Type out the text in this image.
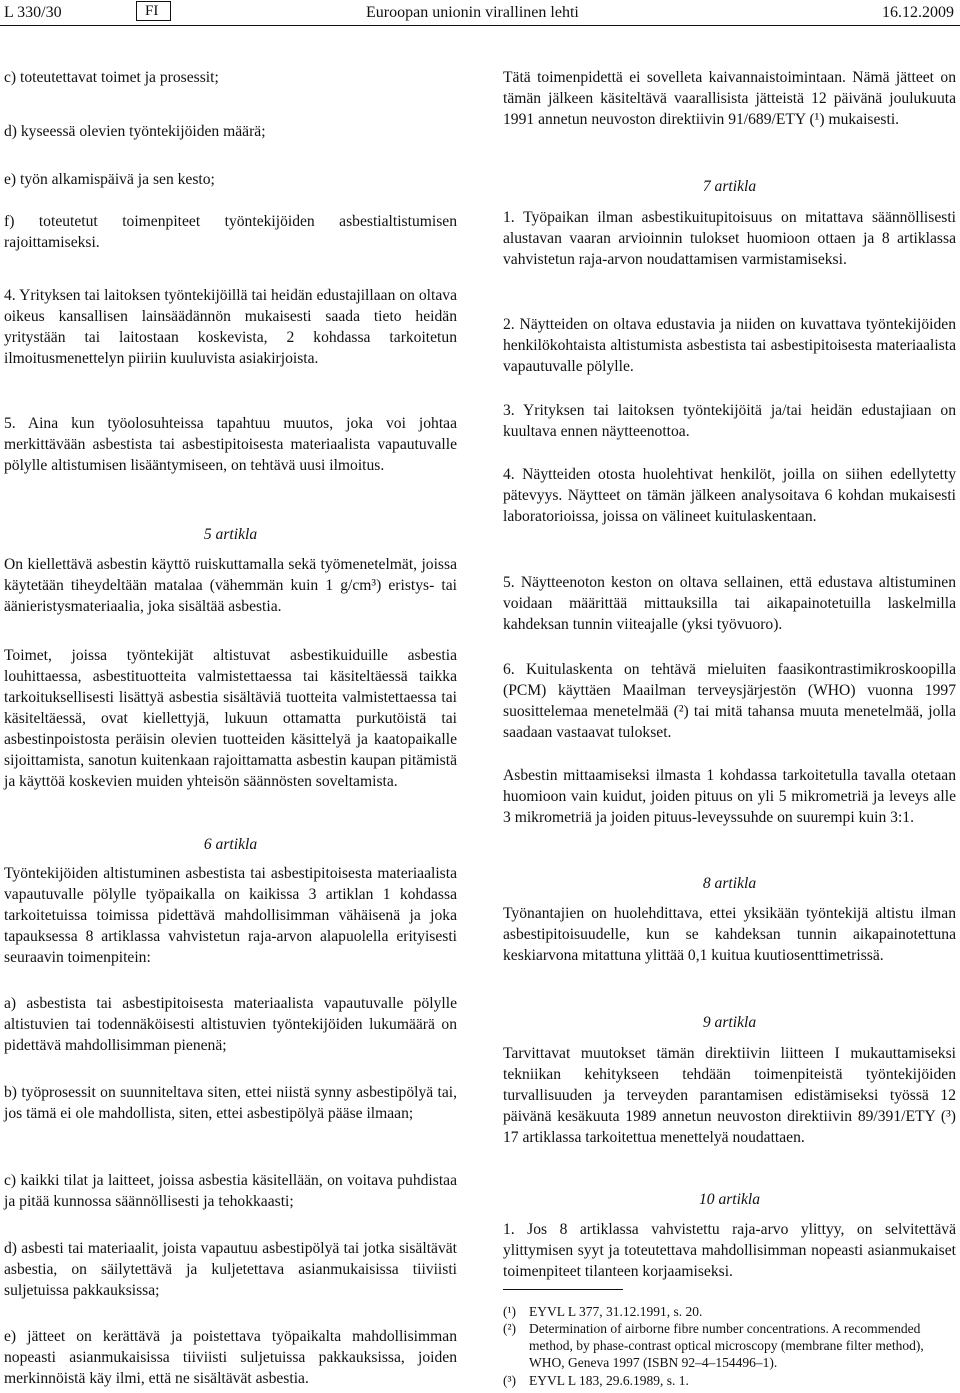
L 330/30	FI	Euroopan unionin virallinen lehti	16.12.2009

c) toteutettavat toimet ja prosessit;

d) kyseessä olevien työntekijöiden määrä;

e) työn alkamispäivä ja sen kesto;

f) toteutetut toimenpiteet työntekijöiden asbestialtistumisen rajoittamiseksi.

4. Yrityksen tai laitoksen työntekijöillä tai heidän edustajillaan on oltava oikeus kansallisen lainsäädännön mukaisesti saada tieto heidän yritystään tai laitostaan koskevista, 2 kohdassa tarkoitetun ilmoitusmenettelyn piiriin kuuluvista asiakirjoista.

5. Aina kun työolosuhteissa tapahtuu muutos, joka voi johtaa merkittävään asbestista tai asbestipitoisesta materiaalista vapautuvalle pölylle altistumisen lisääntymiseen, on tehtävä uusi ilmoitus.

5 artikla

On kiellettävä asbestin käyttö ruiskuttamalla sekä työmenetelmät, joissa käytetään tiheydeltään matalaa (vähemmän kuin 1 g/cm³) eristys- tai äänieristysmateriaalia, joka sisältää asbestia.

Toimet, joissa työntekijät altistuvat asbestikuiduille asbestia louhittaessa, asbestituotteita valmistettaessa tai käsiteltäessä taikka tarkoituksellisesti lisättyä asbestia sisältäviä tuotteita valmistettaessa tai käsiteltäessä, ovat kiellettyjä, lukuun ottamatta purkutöistä tai asbestinpoistosta peräisin olevien tuotteiden käsittelyä ja kaatopaikalle sijoittamista, sanotun kuitenkaan rajoittamatta asbestin kaupan pitämistä ja käyttöä koskevien muiden yhteisön säännösten soveltamista.

6 artikla

Työntekijöiden altistuminen asbestista tai asbestipitoisesta materiaalista vapautuvalle pölylle työpaikalla on kaikissa 3 artiklan 1 kohdassa tarkoitetuissa toimissa pidettävä mahdollisimman vähäisenä ja joka tapauksessa 8 artiklassa vahvistetun raja-arvon alapuolella erityisesti seuraavin toimenpitein:

a) asbestista tai asbestipitoisesta materiaalista vapautuvalle pölylle altistuvien tai todennäköisesti altistuvien työntekijöiden lukumäärä on pidettävä mahdollisimman pienenä;

b) työprosessit on suunniteltava siten, ettei niistä synny asbestipölyä tai, jos tämä ei ole mahdollista, siten, ettei asbestipölyä pääse ilmaan;

c) kaikki tilat ja laitteet, joissa asbestia käsitellään, on voitava puhdistaa ja pitää kunnossa säännöllisesti ja tehokkaasti;

d) asbesti tai materiaalit, joista vapautuu asbestipölyä tai jotka sisältävät asbestia, on säilytettävä ja kuljetettava asianmukaisissa tiiviisti suljetuissa pakkauksissa;

e) jätteet on kerättävä ja poistettava työpaikalta mahdollisimman nopeasti asianmukaisissa tiiviisti suljetuissa pakkauksissa, joiden merkinnöistä käy ilmi, että ne sisältävät asbestia.

Tätä toimenpidettä ei sovelleta kaivannaistoimintaan. Nämä jätteet on tämän jälkeen käsiteltävä vaarallisista jätteistä 12 päivänä joulukuuta 1991 annetun neuvoston direktiivin 91/689/ETY (¹) mukaisesti.

7 artikla

1. Työpaikan ilman asbestikuitupitoisuus on mitattava säännöllisesti alustavan vaaran arvioinnin tulokset huomioon ottaen ja 8 artiklassa vahvistetun raja-arvon noudattamisen varmistamiseksi.

2. Näytteiden on oltava edustavia ja niiden on kuvattava työntekijöiden henkilökohtaista altistumista asbestista tai asbestipitoisesta materiaalista vapautuvalle pölylle.

3. Yrityksen tai laitoksen työntekijöitä ja/tai heidän edustajiaan on kuultava ennen näytteenottoa.

4. Näytteiden otosta huolehtivat henkilöt, joilla on siihen edellytetty pätevyys. Näytteet on tämän jälkeen analysoitava 6 kohdan mukaisesti laboratorioissa, joissa on välineet kuitulaskentaan.

5. Näytteenoton keston on oltava sellainen, että edustava altistuminen voidaan määrittää mittauksilla tai aikapainotetuilla laskelmilla kahdeksan tunnin viiteajalle (yksi työvuoro).

6. Kuitulaskenta on tehtävä mieluiten faasikontrastimikroskoopilla (PCM) käyttäen Maailman terveysjärjestön (WHO) vuonna 1997 suosittelemaa menetelmää (²) tai mitä tahansa muuta menetelmää, jolla saadaan vastaavat tulokset.

Asbestin mittaamiseksi ilmasta 1 kohdassa tarkoitetulla tavalla otetaan huomioon vain kuidut, joiden pituus on yli 5 mikrometriä ja leveys alle 3 mikrometriä ja joiden pituus-leveyssuhde on suurempi kuin 3:1.

8 artikla

Työnantajien on huolehdittava, ettei yksikään työntekijä altistu ilman asbestipitoisuudelle, kun se kahdeksan tunnin aikapainotettuna keskiarvona mitattuna ylittää 0,1 kuitua kuutiosenttimetrissä.

9 artikla

Tarvittavat muutokset tämän direktiivin liitteen I mukauttamiseksi tekniikan kehitykseen tehdään toimenpiteistä työntekijöiden turvallisuuden ja terveyden parantamisen edistämiseksi työssä 12 päivänä kesäkuuta 1989 annetun neuvoston direktiivin 89/391/ETY (³) 17 artiklassa tarkoitettua menettelyä noudattaen.

10 artikla

1. Jos 8 artiklassa vahvistettu raja-arvo ylittyy, on selvitettävä ylittymisen syyt ja toteutettava mahdollisimman nopeasti asianmukaiset toimenpiteet tilanteen korjaamiseksi.

(¹) EYVL L 377, 31.12.1991, s. 20.
(²) Determination of airborne fibre number concentrations. A recommended method, by phase-contrast optical microscopy (membrane filter method), WHO, Geneva 1997 (ISBN 92–4–154496–1).
(³) EYVL L 183, 29.6.1989, s. 1.
